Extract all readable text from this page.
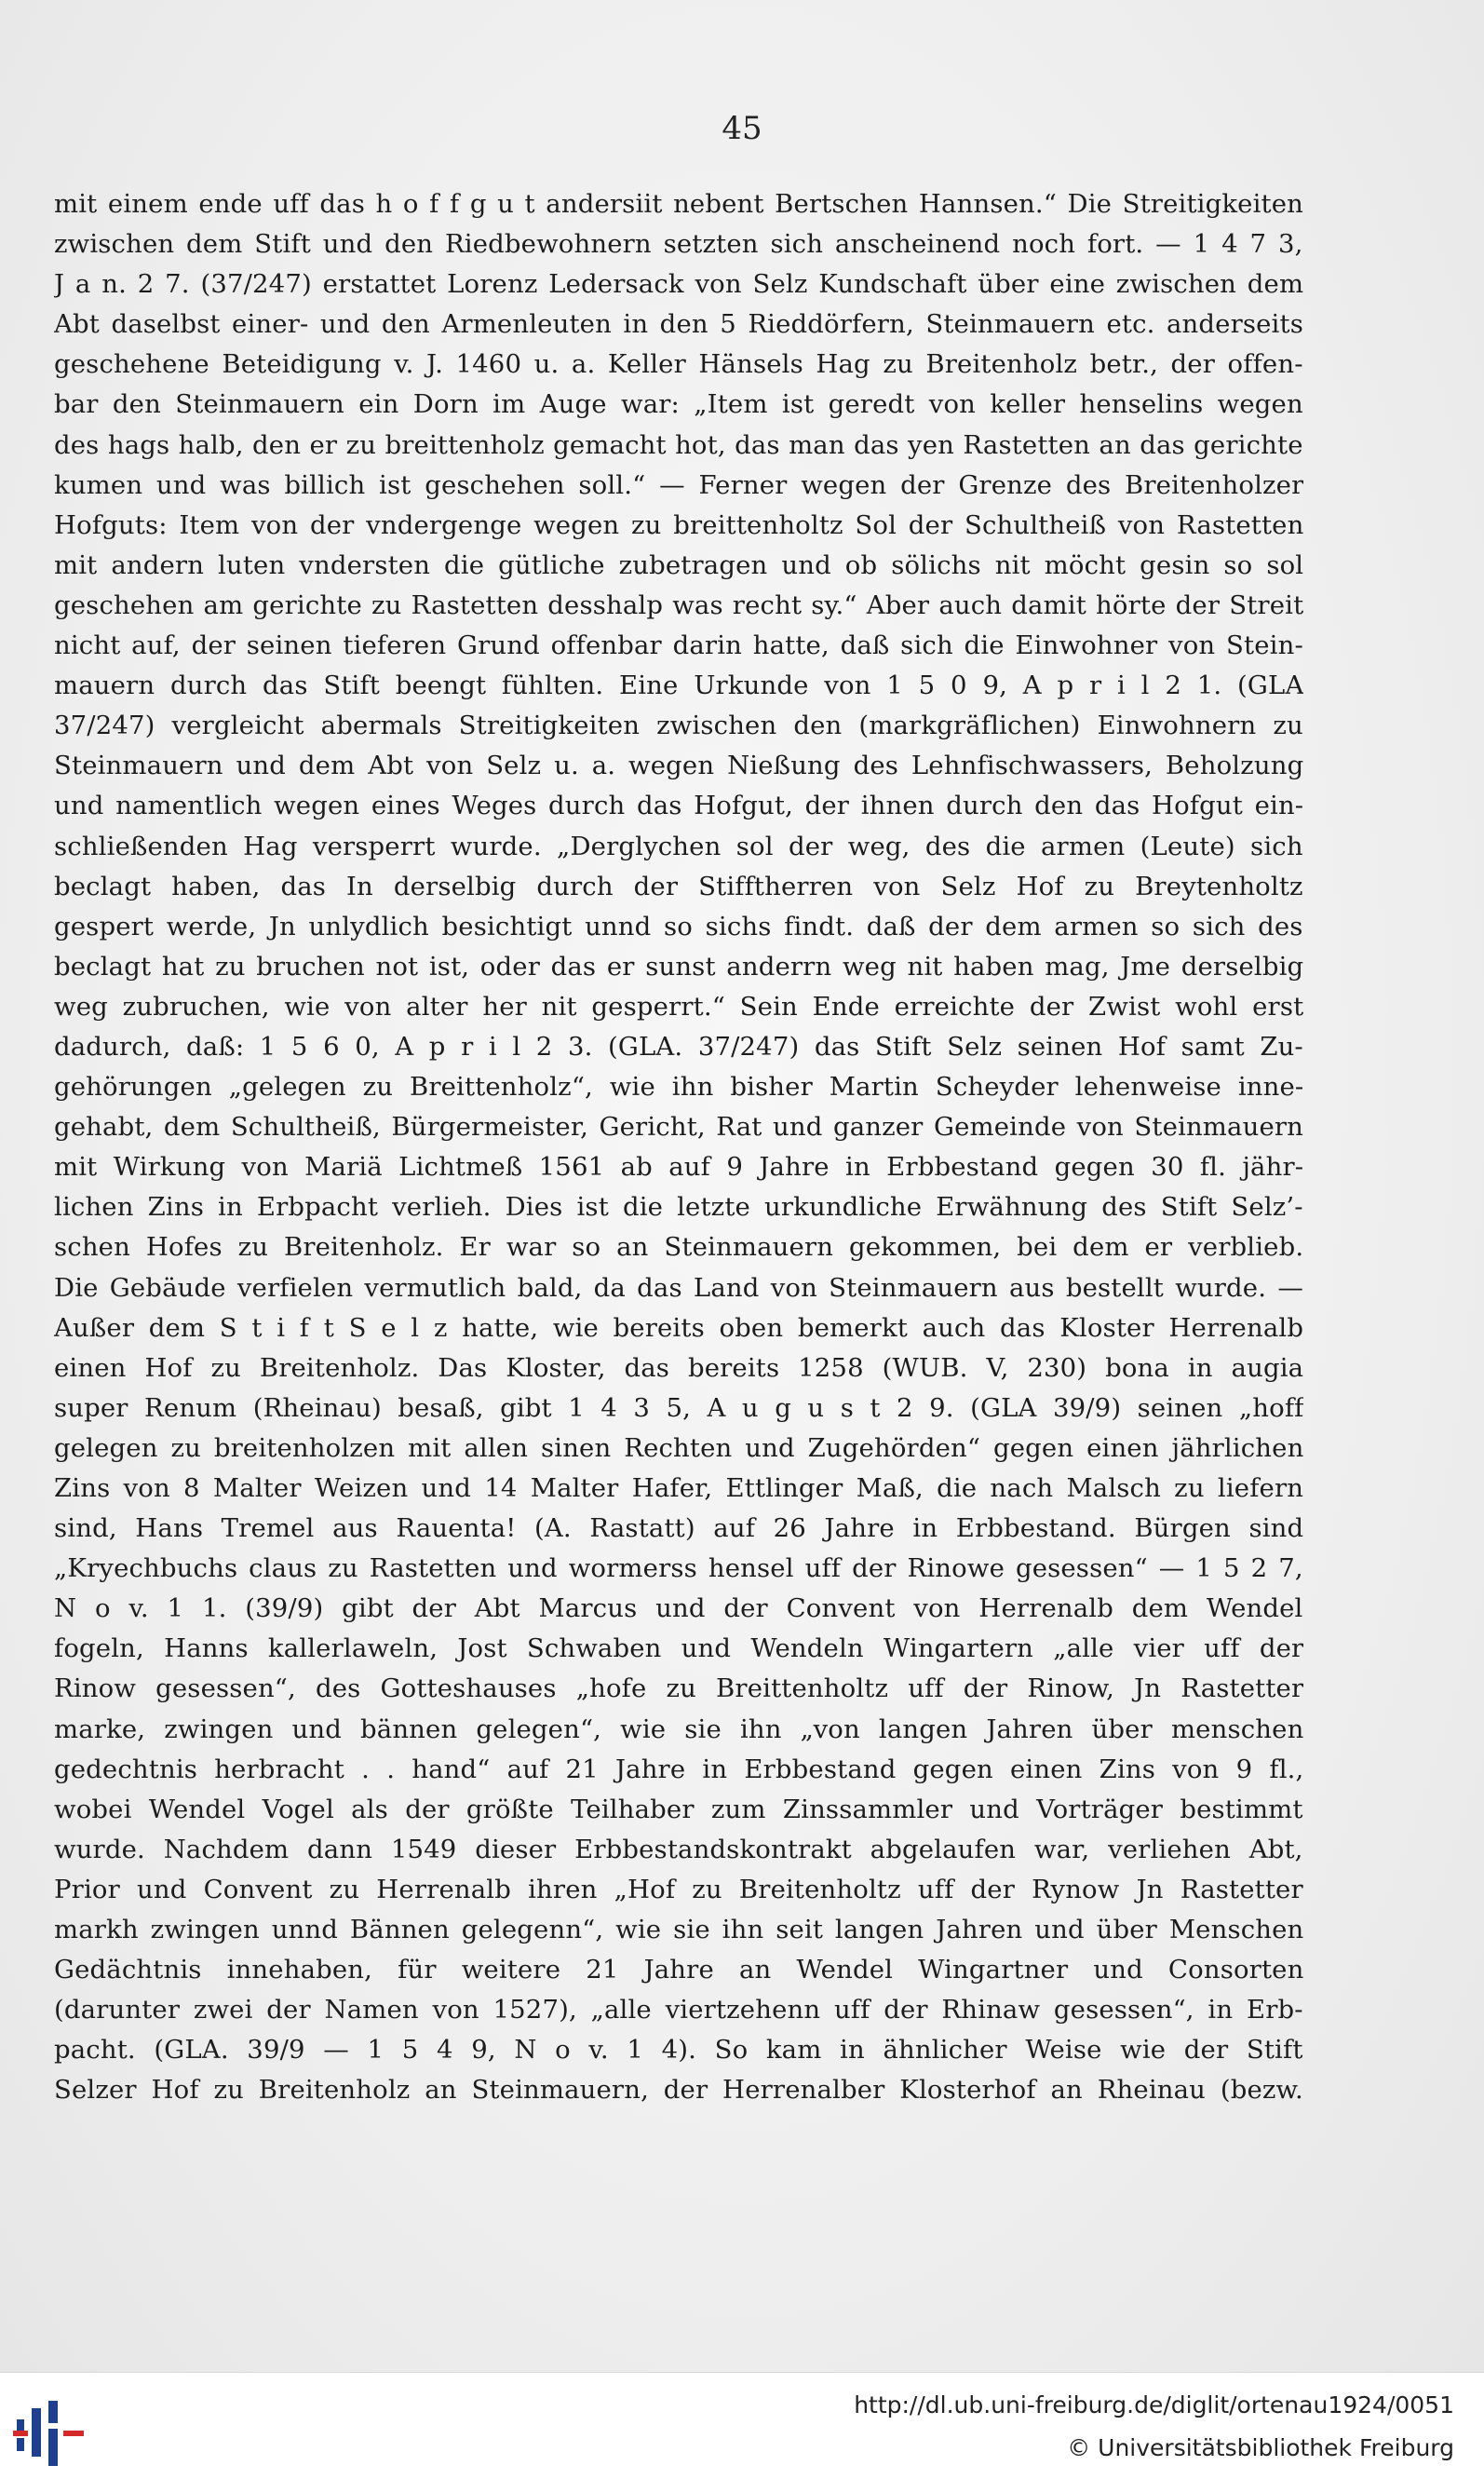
45
mit einem ende uff das h o f f g u t andersiit nebent Bertschen Hannsen.“ Die Streitigkeiten
zwischen dem Stift und den Riedbewohnern setzten sich anscheinend noch fort. — 1 4 7 3,
J a n. 2 7. (37/247) erstattet Lorenz Ledersack von Selz Kundschaft über eine zwischen dem
Abt daselbst einer- und den Armenleuten in den 5 Rieddörfern, Steinmauern etc. anderseits
geschehene Beteidigung v. J. 1460 u. a. Keller Hänsels Hag zu Breitenholz betr., der offen-
bar den Steinmauern ein Dorn im Auge war: „Item ist geredt von keller henselins wegen
des hags halb, den er zu breittenholz gemacht hot, das man das yen Rastetten an das gerichte
kumen und was billich ist geschehen soll.“ — Ferner wegen der Grenze des Breitenholzer
Hofguts: Item von der vndergenge wegen zu breittenholtz Sol der Schultheiß von Rastetten
mit andern luten vndersten die gütliche zubetragen und ob sölichs nit möcht gesin so sol
geschehen am gerichte zu Rastetten desshalp was recht sy.“ Aber auch damit hörte der Streit
nicht auf, der seinen tieferen Grund offenbar darin hatte, daß sich die Einwohner von Stein-
mauern durch das Stift beengt fühlten. Eine Urkunde von 1 5 0 9, A p r i l 2 1. (GLA
37/247) vergleicht abermals Streitigkeiten zwischen den (markgräflichen) Einwohnern zu
Steinmauern und dem Abt von Selz u. a. wegen Nießung des Lehnfischwassers, Beholzung
und namentlich wegen eines Weges durch das Hofgut, der ihnen durch den das Hofgut ein-
schließenden Hag versperrt wurde. „Derglychen sol der weg, des die armen (Leute) sich
beclagt haben, das In derselbig durch der Stifftherren von Selz Hof zu Breytenholtz
gespert werde, Jn unlydlich besichtigt unnd so sichs findt. daß der dem armen so sich des
beclagt hat zu bruchen not ist, oder das er sunst anderrn weg nit haben mag, Jme derselbig
weg zubruchen, wie von alter her nit gesperrt.“ Sein Ende erreichte der Zwist wohl erst
dadurch, daß: 1 5 6 0, A p r i l 2 3. (GLA. 37/247) das Stift Selz seinen Hof samt Zu-
gehörungen „gelegen zu Breittenholz“, wie ihn bisher Martin Scheyder lehenweise inne-
gehabt, dem Schultheiß, Bürgermeister, Gericht, Rat und ganzer Gemeinde von Steinmauern
mit Wirkung von Mariä Lichtmeß 1561 ab auf 9 Jahre in Erbbestand gegen 30 fl. jähr-
lichen Zins in Erbpacht verlieh. Dies ist die letzte urkundliche Erwähnung des Stift Selz’-
schen Hofes zu Breitenholz. Er war so an Steinmauern gekommen, bei dem er verblieb.
Die Gebäude verfielen vermutlich bald, da das Land von Steinmauern aus bestellt wurde. —
Außer dem S t i f t S e l z hatte, wie bereits oben bemerkt auch das Kloster Herrenalb
einen Hof zu Breitenholz. Das Kloster, das bereits 1258 (WUB. V, 230) bona in augia
super Renum (Rheinau) besaß, gibt 1 4 3 5, A u g u s t 2 9. (GLA 39/9) seinen „hoff
gelegen zu breitenholzen mit allen sinen Rechten und Zugehörden“ gegen einen jährlichen
Zins von 8 Malter Weizen und 14 Malter Hafer, Ettlinger Maß, die nach Malsch zu liefern
sind, Hans Tremel aus Rauenta! (A. Rastatt) auf 26 Jahre in Erbbestand. Bürgen sind
„Kryechbuchs claus zu Rastetten und wormerss hensel uff der Rinowe gesessen“ — 1 5 2 7,
N o v. 1 1. (39/9) gibt der Abt Marcus und der Convent von Herrenalb dem Wendel
fogeln, Hanns kallerlaweln, Jost Schwaben und Wendeln Wingartern „alle vier uff der
Rinow gesessen“, des Gotteshauses „hofe zu Breittenholtz uff der Rinow, Jn Rastetter
marke, zwingen und bännen gelegen“, wie sie ihn „von langen Jahren über menschen
gedechtnis herbracht . . hand“ auf 21 Jahre in Erbbestand gegen einen Zins von 9 fl.,
wobei Wendel Vogel als der größte Teilhaber zum Zinssammler und Vorträger bestimmt
wurde. Nachdem dann 1549 dieser Erbbestandskontrakt abgelaufen war, verliehen Abt,
Prior und Convent zu Herrenalb ihren „Hof zu Breitenholtz uff der Rynow Jn Rastetter
markh zwingen unnd Bännen gelegenn“, wie sie ihn seit langen Jahren und über Menschen
Gedächtnis innehaben, für weitere 21 Jahre an Wendel Wingartner und Consorten
(darunter zwei der Namen von 1527), „alle viertzehenn uff der Rhinaw gesessen“, in Erb-
pacht. (GLA. 39/9 — 1 5 4 9, N o v. 1 4). So kam in ähnlicher Weise wie der Stift
Selzer Hof zu Breitenholz an Steinmauern, der Herrenalber Klosterhof an Rheinau (bezw.
http://dl.ub.uni-freiburg.de/diglit/ortenau1924/0051
© Universitätsbibliothek Freiburg
